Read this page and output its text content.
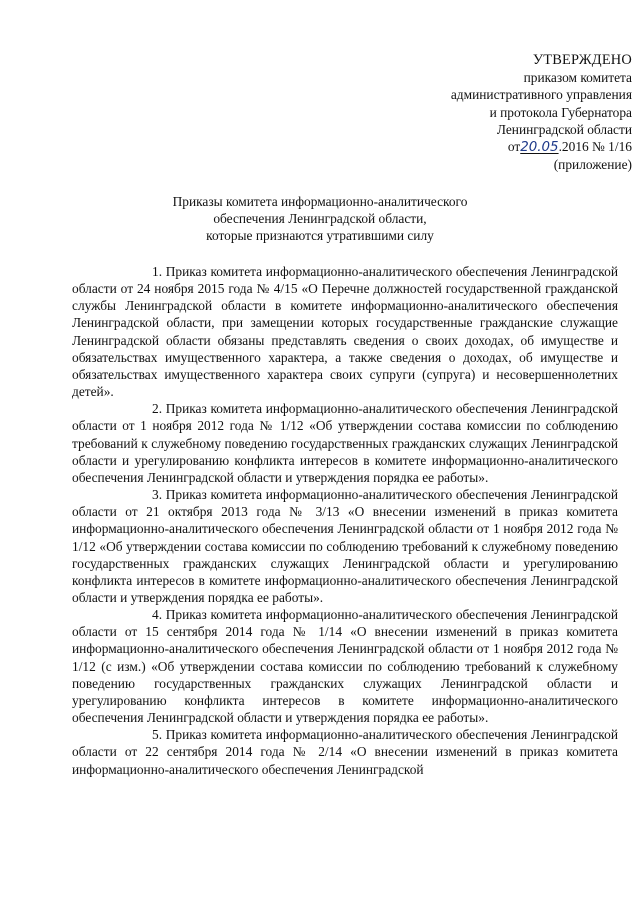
УТВЕРЖДЕНО
приказом комитета
административного управления
и протокола Губернатора
Ленинградской области
от20.05.2016 № 1/16
(приложение)
Приказы комитета информационно-аналитического
обеспечения Ленинградской области,
которые признаются утратившими силу

1. Приказ комитета информационно-аналитического обеспечения Ленинградской области от 24 ноября 2015 года № 4/15 «О Перечне должностей государственной гражданской службы Ленинградской области в комитете информационно-аналитического обеспечения Ленинградской области, при замещении которых государственные гражданские служащие Ленинградской области обязаны представлять сведения о своих доходах, об имуществе и обязательствах имущественного характера, а также сведения о доходах, об имуществе и обязательствах имущественного характера своих супруги (супруга) и несовершеннолетних детей».

2. Приказ комитета информационно-аналитического обеспечения Ленинградской области от 1 ноября 2012 года № 1/12 «Об утверждении состава комиссии по соблюдению требований к служебному поведению государственных гражданских служащих Ленинградской области и урегулированию конфликта интересов в комитете информационно-аналитического обеспечения Ленинградской области и утверждения порядка ее работы».

3. Приказ комитета информационно-аналитического обеспечения Ленинградской области от 21 октября 2013 года № 3/13 «О внесении изменений в приказ комитета информационно-аналитического обеспечения Ленинградской области от 1 ноября 2012 года № 1/12 «Об утверждении состава комиссии по соблюдению требований к служебному поведению государственных гражданских служащих Ленинградской области и урегулированию конфликта интересов в комитете информационно-аналитического обеспечения Ленинградской области и утверждения порядка ее работы».

4. Приказ комитета информационно-аналитического обеспечения Ленинградской области от 15 сентября 2014 года № 1/14 «О внесении изменений в приказ комитета информационно-аналитического обеспечения Ленинградской области от 1 ноября 2012 года № 1/12 (с изм.) «Об утверждении состава комиссии по соблюдению требований к служебному поведению государственных гражданских служащих Ленинградской области и урегулированию конфликта интересов в комитете информационно-аналитического обеспечения Ленинградской области и утверждения порядка ее работы».

5. Приказ комитета информационно-аналитического обеспечения Ленинградской области от 22 сентября 2014 года № 2/14 «О внесении изменений в приказ комитета информационно-аналитического обеспечения Ленинградской
